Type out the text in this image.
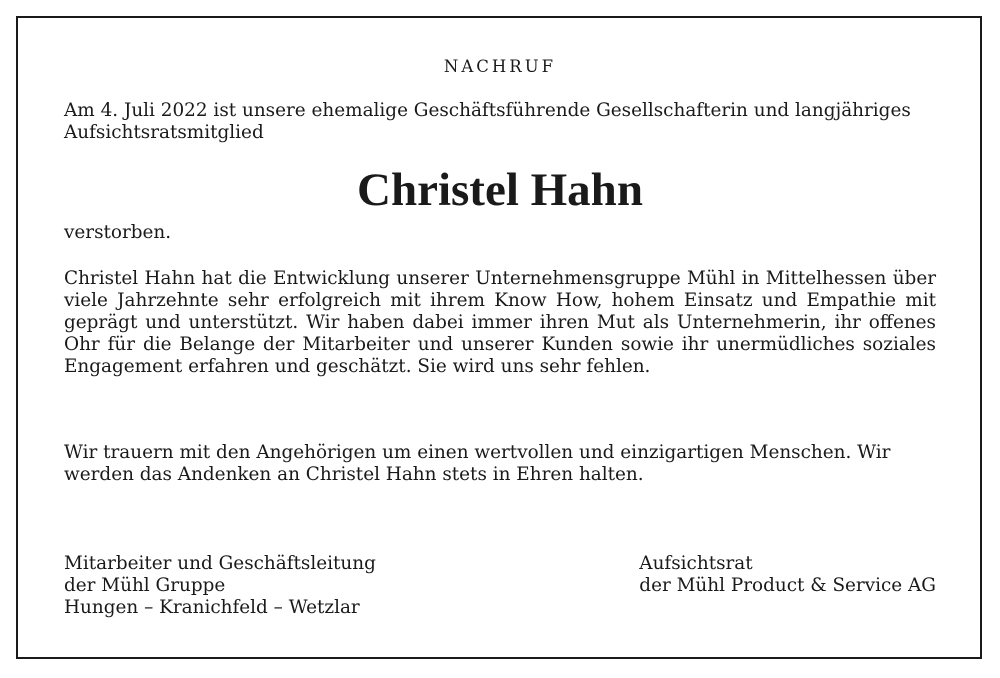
NACHRUF

Am 4. Juli 2022 ist unsere ehemalige Geschäftsführende Gesellschafterin und langjähriges Aufsichtsratsmitglied

Christel Hahn

verstorben.

Christel Hahn hat die Entwicklung unserer Unternehmensgruppe Mühl in Mittelhessen über viele Jahrzehnte sehr erfolgreich mit ihrem Know How, hohem Einsatz und Empathie mit geprägt und unterstützt. Wir haben dabei immer ihren Mut als Unternehmerin, ihr offenes Ohr für die Belange der Mitarbeiter und unserer Kunden sowie ihr unermüdliches soziales Engagement erfahren und geschätzt. Sie wird uns sehr fehlen.

Wir trauern mit den Angehörigen um einen wertvollen und einzigartigen Menschen. Wir werden das Andenken an Christel Hahn stets in Ehren halten.

Mitarbeiter und Geschäftsleitung
der Mühl Gruppe
Hungen – Kranichfeld – Wetzlar
Aufsichtsrat
der Mühl Product & Service AG
